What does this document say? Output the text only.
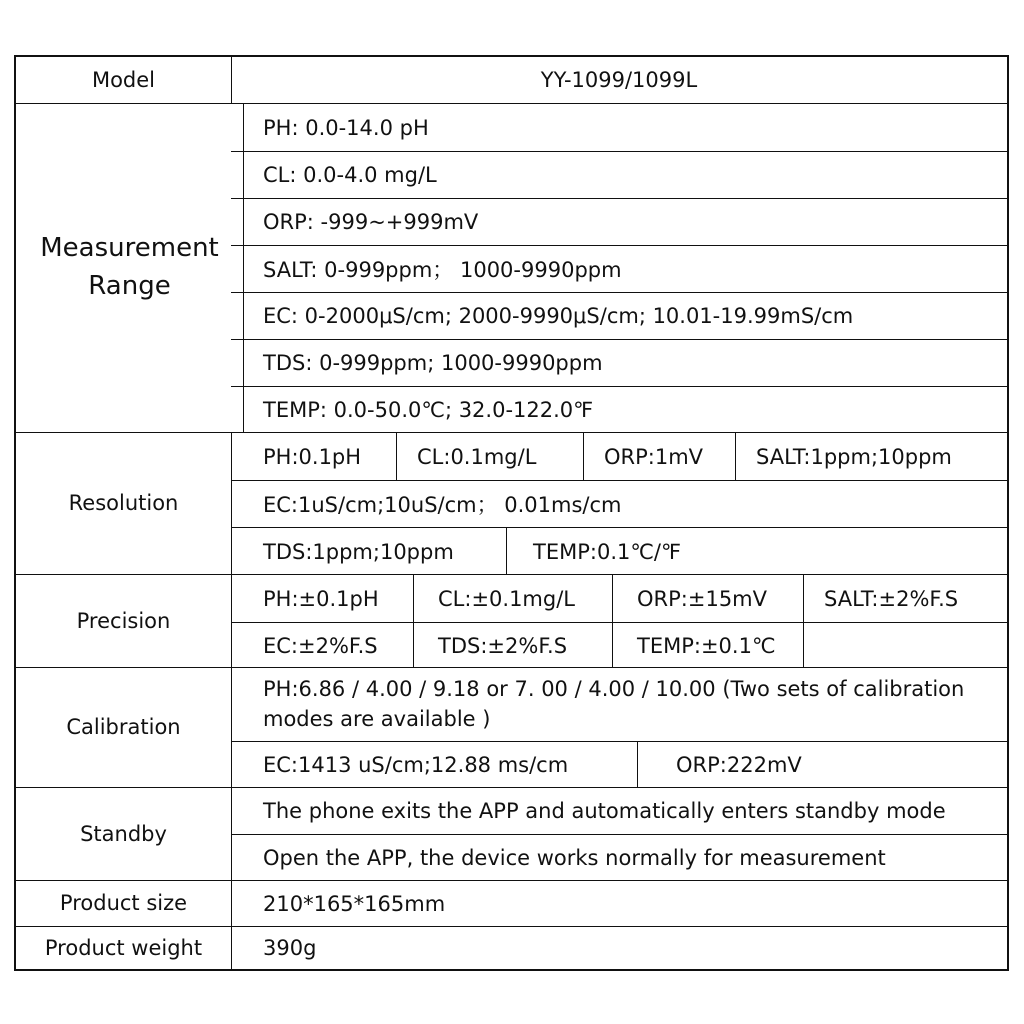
Model	YY-1099/1099L
Measurement Range
PH: 0.0-14.0 pH
CL: 0.0-4.0 mg/L
ORP: -999~+999mV
SALT: 0-999ppm； 1000-9990ppm
EC: 0-2000μS/cm; 2000-9990μS/cm; 10.01-19.99mS/cm
TDS: 0-999ppm; 1000-9990ppm
TEMP: 0.0-50.0℃; 32.0-122.0℉
Resolution
PH:0.1pH	CL:0.1mg/L	ORP:1mV	SALT:1ppm;10ppm
EC:1uS/cm;10uS/cm； 0.01ms/cm
TDS:1ppm;10ppm	TEMP:0.1℃/℉
Precision
PH:±0.1pH	CL:±0.1mg/L	ORP:±15mV	SALT:±2%F.S
EC:±2%F.S	TDS:±2%F.S	TEMP:±0.1℃
Calibration
PH:6.86 / 4.00 / 9.18 or 7. 00 / 4.00 / 10.00 (Two sets of calibration modes are available )
EC:1413 uS/cm;12.88 ms/cm	ORP:222mV
Standby
The phone exits the APP and automatically enters standby mode
Open the APP, the device works normally for measurement
Product size	210*165*165mm
Product weight	390g
